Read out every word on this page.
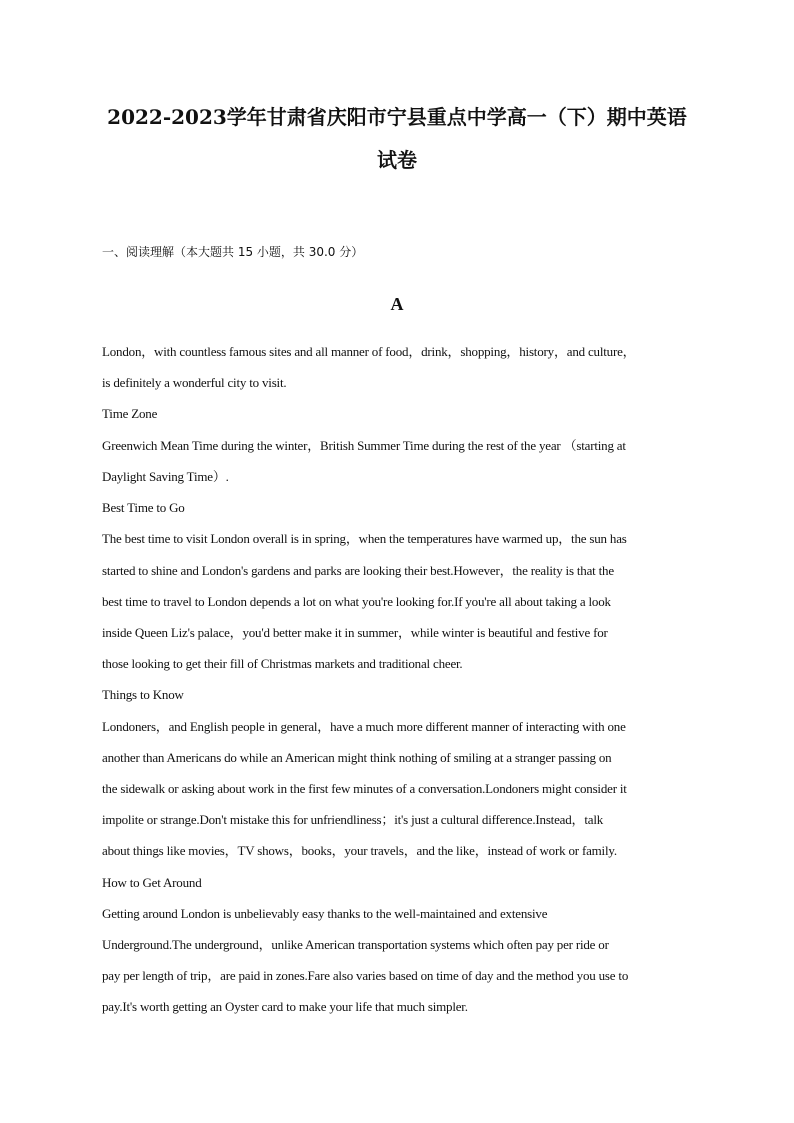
2022-2023学年甘肃省庆阳市宁县重点中学高一（下）期中英语
试卷

一、阅读理解（本大题共 15 小题，共 30.0 分）

A

London，with countless famous sites and all manner of food，drink，shopping，history，and culture，

is definitely a wonderful city to visit.

Time Zone

Greenwich Mean Time during the winter，British Summer Time during the rest of the year （starting at

Daylight Saving Time）.

Best Time to Go

The best time to visit London overall is in spring，when the temperatures have warmed up，the sun has

started to shine and London's gardens and parks are looking their best.However，the reality is that the

best time to travel to London depends a lot on what you're looking for.If you're all about taking a look

inside Queen Liz's palace，you'd better make it in summer，while winter is beautiful and festive for

those looking to get their fill of Christmas markets and traditional cheer.

Things to Know

Londoners，and English people in general，have a much more different manner of interacting with one

another than Americans do while an American might think nothing of smiling at a stranger passing on

the sidewalk or asking about work in the first few minutes of a conversation.Londoners might consider it

impolite or strange.Don't mistake this for unfriendliness；it's just a cultural difference.Instead，talk

about things like movies，TV shows，books，your travels，and the like，instead of work or family.

How to Get Around

Getting around London is unbelievably easy thanks to the well-maintained and extensive

Underground.The underground，unlike American transportation systems which often pay per ride or

pay per length of trip，are paid in zones.Fare also varies based on time of day and the method you use to

pay.It's worth getting an Oyster card to make your life that much simpler.
